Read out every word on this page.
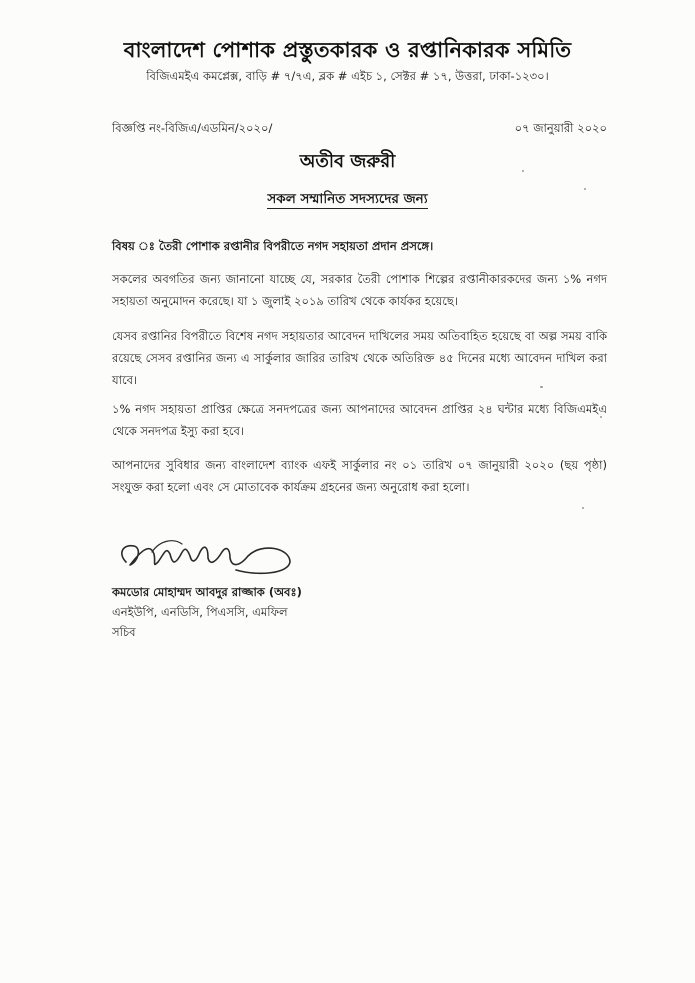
বাংলাদেশ পোশাক প্রস্তুতকারক ও রপ্তানিকারক সমিতি
বিজিএমইএ কমপ্লেক্স, বাড়ি # ৭/৭এ, ব্লক # এইচ ১, সেক্টর # ১৭, উত্তরা, ঢাকা-১২৩০।
বিজ্ঞপ্তি নং-বিজিএ/এডমিন/২০২০/	০৭ জানুয়ারী ২০২০
অতীব জরুরী
সকল সম্মানিত সদস্যদের জন্য
বিষয় ঃ তৈরী পোশাক রপ্তানীর বিপরীতে নগদ সহায়তা প্রদান প্রসঙ্গে।
সকলের অবগতির জন্য জানানো যাচ্ছে যে, সরকার তৈরী পোশাক শিল্পের রপ্তানীকারকদের জন্য ১% নগদ সহায়তা অনুমোদন করেছে। যা ১ জুলাই ২০১৯ তারিখ থেকে কার্যকর হয়েছে।
যেসব রপ্তানির বিপরীতে বিশেষ নগদ সহায়তার আবেদন দাখিলের সময় অতিবাহিত হয়েছে বা অল্প সময় বাকি রয়েছে সেসব রপ্তানির জন্য এ সার্কুলার জারির তারিখ থেকে অতিরিক্ত ৪৫ দিনের মধ্যে আবেদন দাখিল করা যাবে।
১% নগদ সহায়তা প্রাপ্তির ক্ষেত্রে সনদপত্রের জন্য আপনাদের আবেদন প্রাপ্তির ২৪ ঘন্টার মধ্যে বিজিএমইএ থেকে সনদপত্র ইস্যু করা হবে।
আপনাদের সুবিধার জন্য বাংলাদেশ ব্যাংক এফই সার্কুলার নং ০১ তারিখ ০৭ জানুয়ারী ২০২০ (ছয় পৃষ্ঠা) সংযুক্ত করা হলো এবং সে মোতাবেক কার্যক্রম গ্রহনের জন্য অনুরোধ করা হলো।
কমডোর মোহাম্মদ আবদুর রাজ্জাক (অবঃ)
এনইউপি, এনডিসি, পিএসসি, এমফিল
সচিব
